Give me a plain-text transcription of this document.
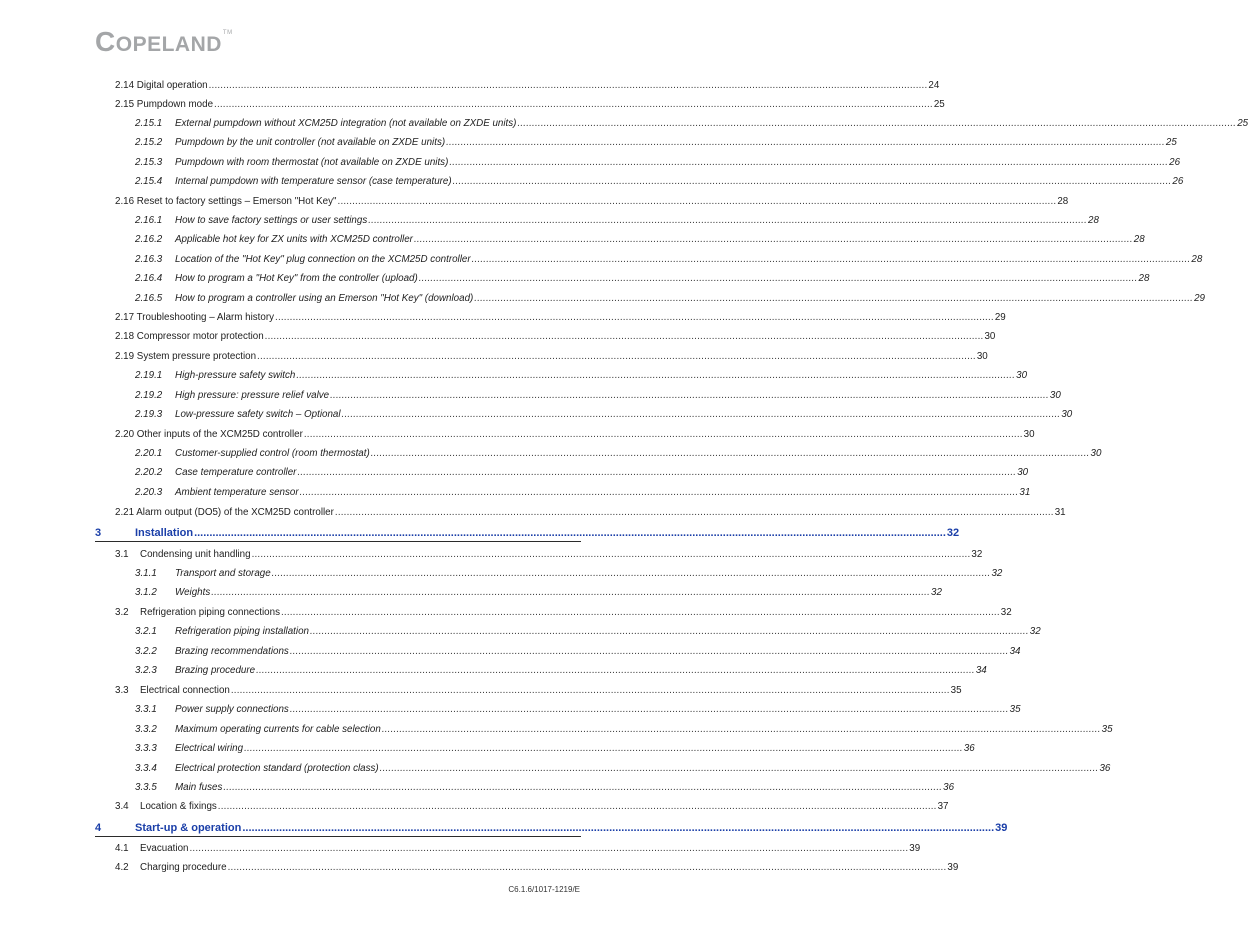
COPELAND™
2.14 Digital operation ...................................................................................................................................................................................................................................................... 24
2.15 Pumpdown mode ...................................................................................................................................................................................................................................................... 25
2.15.1	External pumpdown without XCM25D integration (not available on ZXDE units) ...................................................................................................................................................................................................................................................... 25
2.15.2	Pumpdown by the unit controller (not available on ZXDE units) ...................................................................................................................................................................................................................................................... 25
2.15.3	Pumpdown with room thermostat (not available on ZXDE units) ...................................................................................................................................................................................................................................................... 26
2.15.4	Internal pumpdown with temperature sensor (case temperature) ...................................................................................................................................................................................................................................................... 26
2.16 Reset to factory settings – Emerson "Hot Key" ...................................................................................................................................................................................................................................................... 28
2.16.1	How to save factory settings or user settings ...................................................................................................................................................................................................................................................... 28
2.16.2	Applicable hot key for ZX units with XCM25D controller ...................................................................................................................................................................................................................................................... 28
2.16.3	Location of the "Hot Key" plug connection on the XCM25D controller ...................................................................................................................................................................................................................................................... 28
2.16.4	How to program a "Hot Key" from the controller (upload) ...................................................................................................................................................................................................................................................... 28
2.16.5	How to program a controller using an Emerson "Hot Key" (download) ...................................................................................................................................................................................................................................................... 29
2.17 Troubleshooting – Alarm history ...................................................................................................................................................................................................................................................... 29
2.18 Compressor motor protection ...................................................................................................................................................................................................................................................... 30
2.19 System pressure protection ...................................................................................................................................................................................................................................................... 30
2.19.1	High-pressure safety switch ...................................................................................................................................................................................................................................................... 30
2.19.2	High pressure: pressure relief valve ...................................................................................................................................................................................................................................................... 30
2.19.3	Low-pressure safety switch – Optional ...................................................................................................................................................................................................................................................... 30
2.20 Other inputs of the XCM25D controller ...................................................................................................................................................................................................................................................... 30
2.20.1	Customer-supplied control (room thermostat) ...................................................................................................................................................................................................................................................... 30
2.20.2	Case temperature controller ...................................................................................................................................................................................................................................................... 30
2.20.3	Ambient temperature sensor ...................................................................................................................................................................................................................................................... 31
2.21 Alarm output (DO5) of the XCM25D controller ...................................................................................................................................................................................................................................................... 31
3	Installation ...................................................................................................................................................................................................................................................... 32
3.1	Condensing unit handling ...................................................................................................................................................................................................................................................... 32
3.1.1	Transport and storage ...................................................................................................................................................................................................................................................... 32
3.1.2	Weights ...................................................................................................................................................................................................................................................... 32
3.2	Refrigeration piping connections ...................................................................................................................................................................................................................................................... 32
3.2.1	Refrigeration piping installation ...................................................................................................................................................................................................................................................... 32
3.2.2	Brazing recommendations ...................................................................................................................................................................................................................................................... 34
3.2.3	Brazing procedure ...................................................................................................................................................................................................................................................... 34
3.3	Electrical connection ...................................................................................................................................................................................................................................................... 35
3.3.1	Power supply connections ...................................................................................................................................................................................................................................................... 35
3.3.2	Maximum operating currents for cable selection ...................................................................................................................................................................................................................................................... 35
3.3.3	Electrical wiring ...................................................................................................................................................................................................................................................... 36
3.3.4	Electrical protection standard (protection class) ...................................................................................................................................................................................................................................................... 36
3.3.5	Main fuses ...................................................................................................................................................................................................................................................... 36
3.4	Location & fixings ...................................................................................................................................................................................................................................................... 37
4	Start-up & operation ...................................................................................................................................................................................................................................................... 39
4.1	Evacuation ...................................................................................................................................................................................................................................................... 39
4.2	Charging procedure ...................................................................................................................................................................................................................................................... 39
C6.1.6/1017-1219/E
